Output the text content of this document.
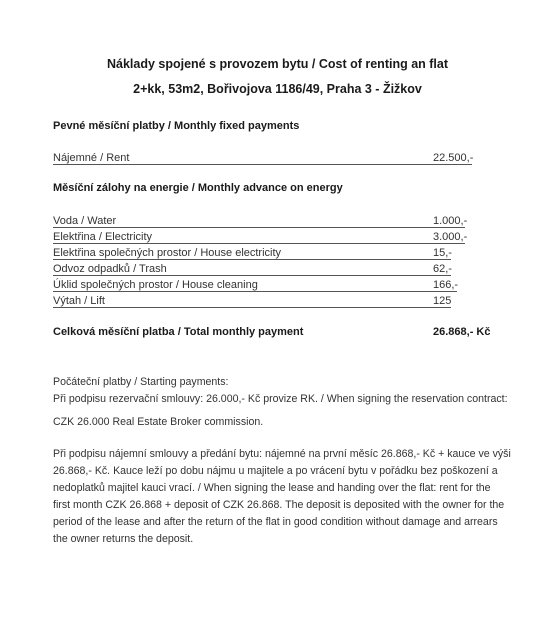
Náklady spojené s provozem bytu / Cost of renting an flat
2+kk, 53m2, Bořivojova 1186/49, Praha 3 - Žižkov
Pevné měsíční platby / Monthly fixed payments
Nájemné / Rent	22.500,-
Měsíční zálohy na energie / Monthly advance on energy
Voda / Water	1.000,-
Elektřina / Electricity	3.000,-
Elektřina společných prostor / House electricity	15,-
Odvoz odpadků / Trash	62,-
Úklid společných prostor / House cleaning	166,-
Výtah / Lift	125
Celková měsíční platba / Total monthly payment	26.868,- Kč
Počáteční platby / Starting payments:
Při podpisu rezervační smlouvy: 26.000,- Kč provize RK. / When signing the reservation contract:
CZK 26.000 Real Estate Broker commission.
Při podpisu nájemní smlouvy a předání bytu: nájemné na první měsíc 26.868,- Kč + kauce ve výši
26.868,- Kč. Kauce leží po dobu nájmu u majitele a po vrácení bytu v pořádku bez poškození a
nedoplatků majitel kauci vrací. / When signing the lease and handing over the flat: rent for the
first month CZK 26.868 + deposit of CZK 26.868. The deposit is deposited with the owner for the
period of the lease and after the return of the flat in good condition without damage and arrears
the owner returns the deposit.
